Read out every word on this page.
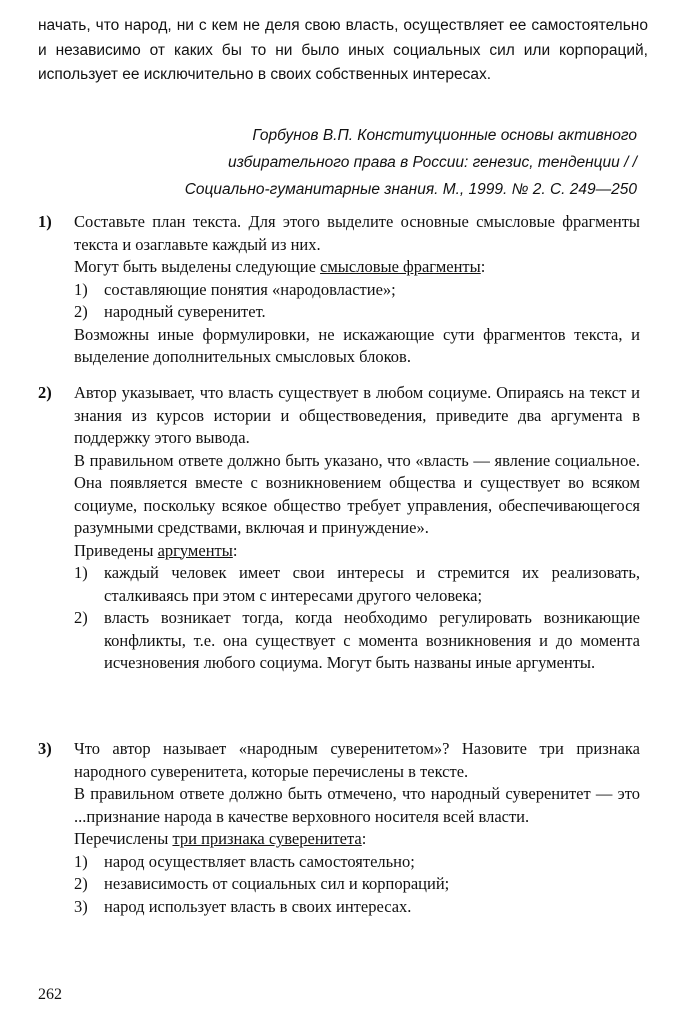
начать, что народ, ни с кем не деля свою власть, осуществляет ее самостоятельно и независимо от каких бы то ни было иных социальных сил или корпораций, использует ее исключительно в своих собственных интересах.

Горбунов В.П. Конституционные основы активного
избирательного права в России: генезис, тенденции / /
Социально-гуманитарные знания. М., 1999. № 2. С. 249—250
1) Составьте план текста. Для этого выделите основные смысловые фрагменты текста и озаглавьте каждый из них.
Могут быть выделены следующие смысловые фрагменты:
1) составляющие понятия «народовластие»;
2) народный суверенитет.
Возможны иные формулировки, не искажающие сути фрагментов текста, и выделение дополнительных смысловых блоков.
2) Автор указывает, что власть существует в любом социуме. Опираясь на текст и знания из курсов истории и обществоведения, приведите два аргумента в поддержку этого вывода.
В правильном ответе должно быть указано, что «власть — явление социальное. Она появляется вместе с возникновением общества и существует во всяком социуме, поскольку всякое общество требует управления, обеспечивающегося разумными средствами, включая и принуждение».
Приведены аргументы:
1) каждый человек имеет свои интересы и стремится их реализовать, сталкиваясь при этом с интересами другого человека;
2) власть возникает тогда, когда необходимо регулировать возникающие конфликты, т.е. она существует с момента возникновения и до момента исчезновения любого социума. Могут быть названы иные аргументы.
3) Что автор называет «народным суверенитетом»? Назовите три признака народного суверенитета, которые перечислены в тексте.
В правильном ответе должно быть отмечено, что народный суверенитет — это ...признание народа в качестве верховного носителя всей власти.
Перечислены три признака суверенитета:
1) народ осуществляет власть самостоятельно;
2) независимость от социальных сил и корпораций;
3) народ использует власть в своих интересах.
262
